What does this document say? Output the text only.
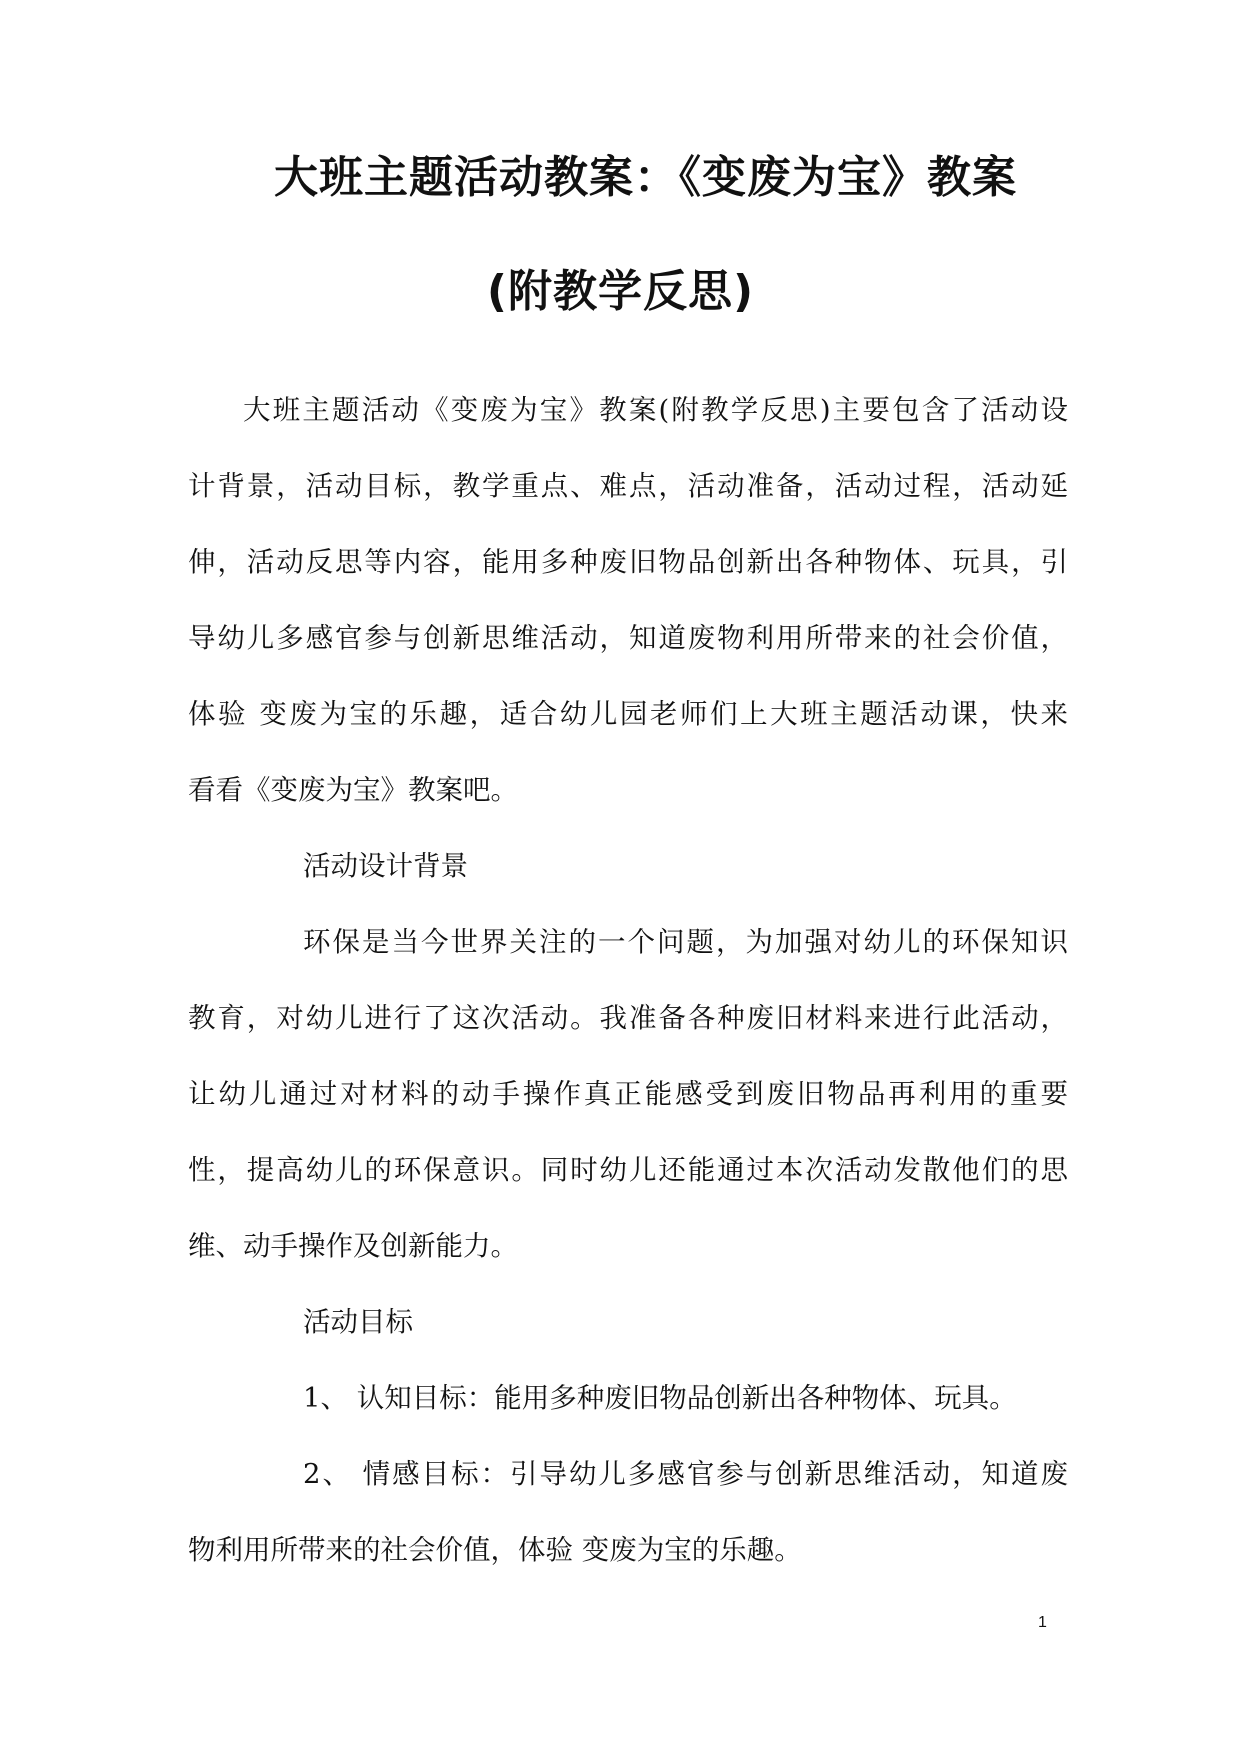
大班主题活动教案：《变废为宝》教案
(附教学反思)
大班主题活动《变废为宝》教案(附教学反思)主要包含了活动设
计背景，活动目标，教学重点、难点，活动准备，活动过程，活动延
伸，活动反思等内容，能用多种废旧物品创新出各种物体、玩具，引
导幼儿多感官参与创新思维活动，知道废物利用所带来的社会价值，
体验 变废为宝的乐趣，适合幼儿园老师们上大班主题活动课，快来
看看《变废为宝》教案吧。
活动设计背景
环保是当今世界关注的一个问题，为加强对幼儿的环保知识
教育，对幼儿进行了这次活动。我准备各种废旧材料来进行此活动，
让幼儿通过对材料的动手操作真正能感受到废旧物品再利用的重要
性，提高幼儿的环保意识。同时幼儿还能通过本次活动发散他们的思
维、动手操作及创新能力。
活动目标
1、 认知目标：能用多种废旧物品创新出各种物体、玩具。
2、 情感目标：引导幼儿多感官参与创新思维活动，知道废
物利用所带来的社会价值，体验 变废为宝的乐趣。
1
